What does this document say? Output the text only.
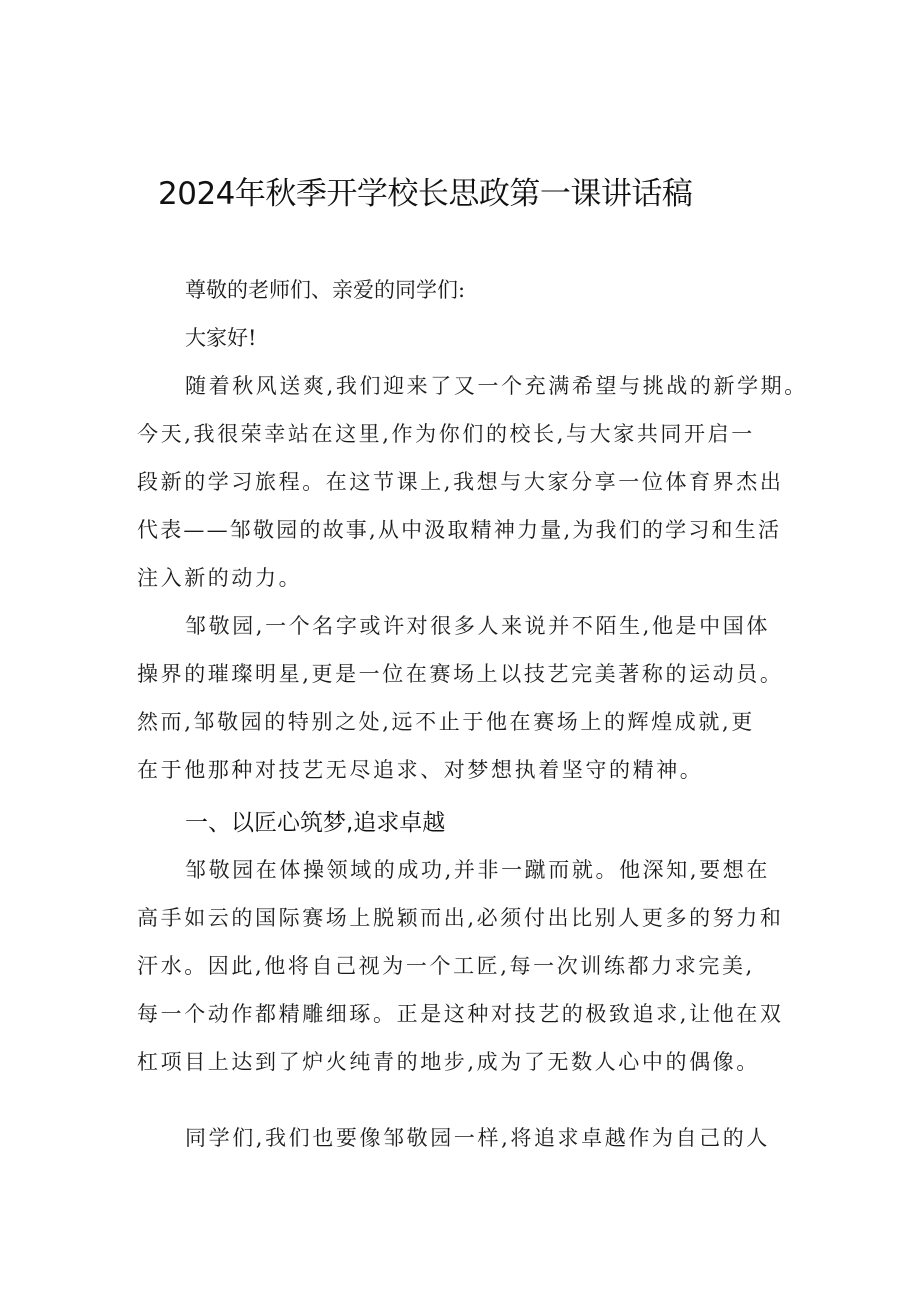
2024年秋季开学校长思政第一课讲话稿
尊敬的老师们、亲爱的同学们:
大家好!
随着秋风送爽,我们迎来了又一个充满希望与挑战的新学期。
今天,我很荣幸站在这里,作为你们的校长,与大家共同开启一
段新的学习旅程。在这节课上,我想与大家分享一位体育界杰出
代表——邹敬园的故事,从中汲取精神力量,为我们的学习和生活
注入新的动力。
邹敬园,一个名字或许对很多人来说并不陌生,他是中国体
操界的璀璨明星,更是一位在赛场上以技艺完美著称的运动员。
然而,邹敬园的特别之处,远不止于他在赛场上的辉煌成就,更
在于他那种对技艺无尽追求、对梦想执着坚守的精神。
一、以匠心筑梦,追求卓越
邹敬园在体操领域的成功,并非一蹴而就。他深知,要想在
高手如云的国际赛场上脱颖而出,必须付出比别人更多的努力和
汗水。因此,他将自己视为一个工匠,每一次训练都力求完美,
每一个动作都精雕细琢。正是这种对技艺的极致追求,让他在双
杠项目上达到了炉火纯青的地步,成为了无数人心中的偶像。
同学们,我们也要像邹敬园一样,将追求卓越作为自己的人
